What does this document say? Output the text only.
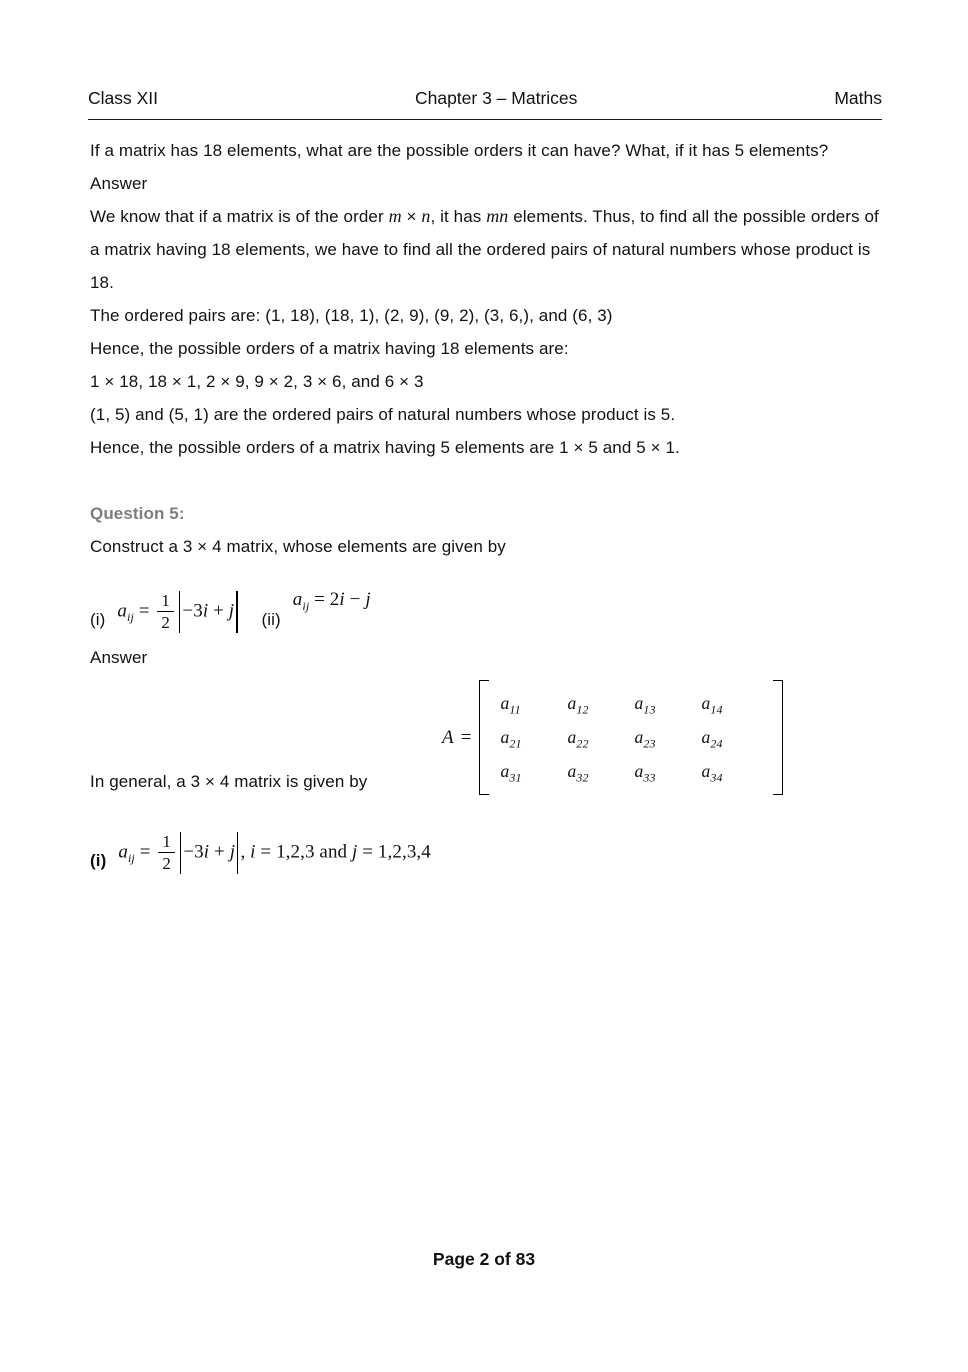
Class XII	Chapter 3 – Matrices	Maths

If a matrix has 18 elements, what are the possible orders it can have? What, if it has 5 elements?

Answer

We know that if a matrix is of the order m × n, it has mn elements. Thus, to find all the possible orders of a matrix having 18 elements, we have to find all the ordered pairs of natural numbers whose product is 18.

The ordered pairs are: (1, 18), (18, 1), (2, 9), (9, 2), (3, 6,), and (6, 3)

Hence, the possible orders of a matrix having 18 elements are:

1 × 18, 18 × 1, 2 × 9, 9 × 2, 3 × 6, and 6 × 3

(1, 5) and (5, 1) are the ordered pairs of natural numbers whose product is 5.

Hence, the possible orders of a matrix having 5 elements are 1 × 5 and 5 × 1.

Question 5:

Construct a 3 × 4 matrix, whose elements are given by

(i) $a_{ij} = \frac{1}{2} -3i + j$	(ii)
$a_{ij} = 2i - j$

Answer

A =
$a_{11}$	$a_{12}$	$a_{13}$	$a_{14}$
$a_{21}$	$a_{22}$	$a_{23}$	$a_{24}$
$a_{31}$	$a_{32}$	$a_{33}$	$a_{34}$
In general, a 3 × 4 matrix is given by
(i) $a_{ij} = \frac{1}{2} -3i + j$ , i = 1,2,3 and j = 1,2,3,4
Page 2 of 83
